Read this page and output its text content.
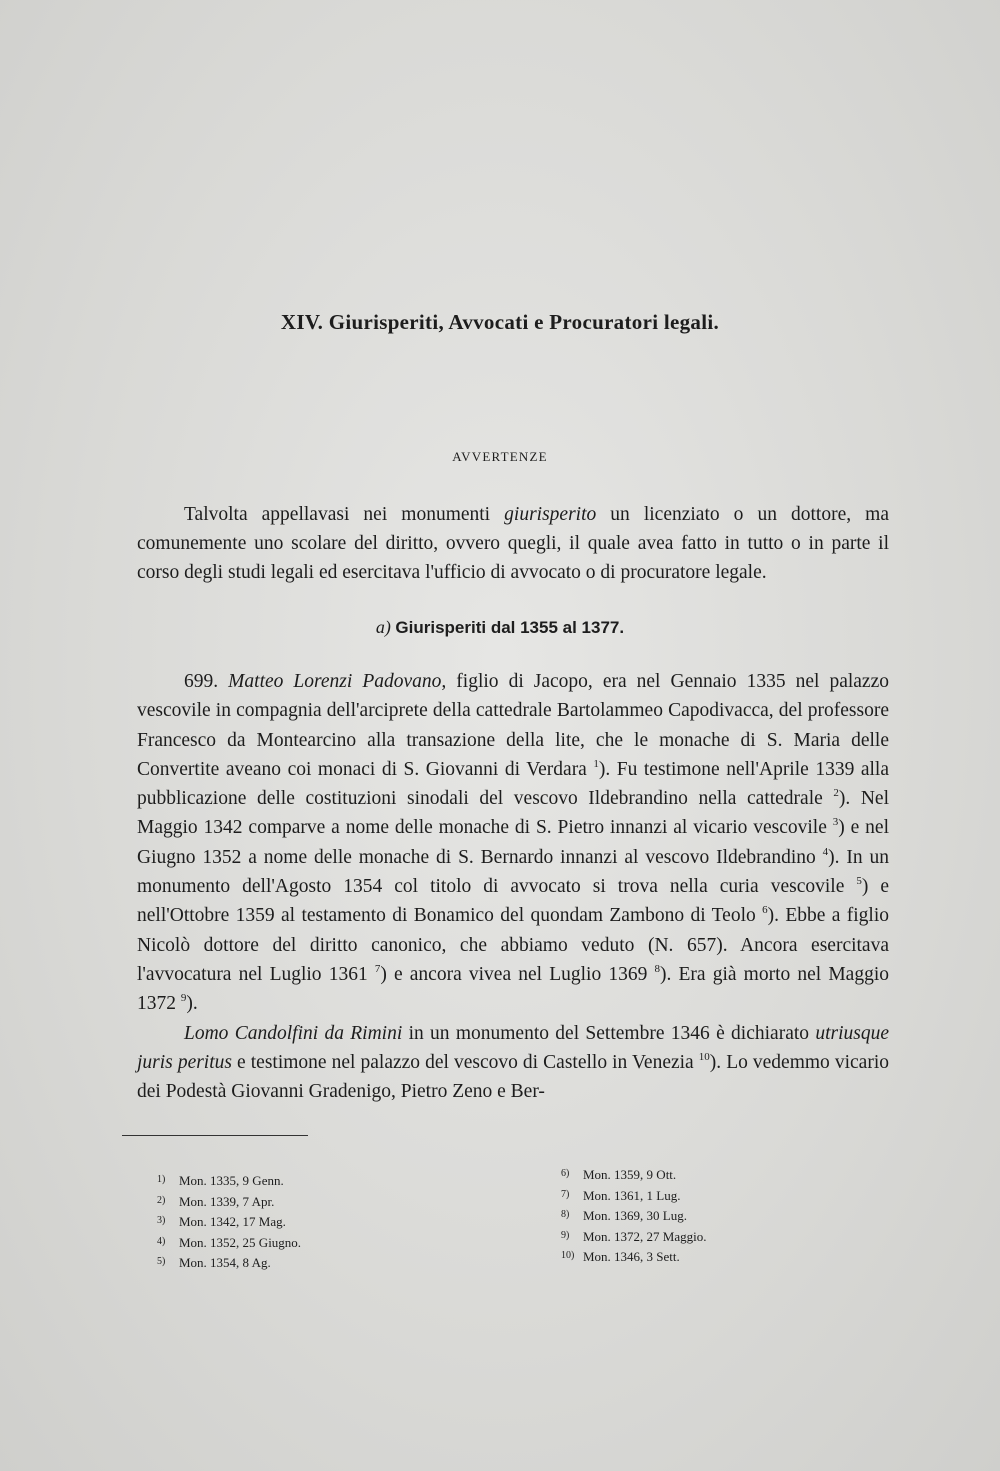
XIV. Giurisperiti, Avvocati e Procuratori legali.
AVVERTENZE

Talvolta appellavasi nei monumenti giurisperito un licenziato o un dottore, ma comunemente uno scolare del diritto, ovvero quegli, il quale avea fatto in tutto o in parte il corso degli studi legali ed esercitava l'ufficio di avvocato o di procuratore legale.

a) Giurisperiti dal 1355 al 1377.

699. Matteo Lorenzi Padovano, figlio di Jacopo, era nel Gennaio 1335 nel palazzo vescovile in compagnia dell'arciprete della cattedrale Bartolammeo Capodivacca, del professore Francesco da Montearcino alla transazione della lite, che le monache di S. Maria delle Convertite aveano coi monaci di S. Giovanni di Verdara $^1$). Fu testimone nell'Aprile 1339 alla pubblicazione delle costituzioni sinodali del vescovo Ildebrandino nella cattedrale $^2$). Nel Maggio 1342 comparve a nome delle monache di S. Pietro innanzi al vicario vescovile $^3$) e nel Giugno 1352 a nome delle monache di S. Bernardo innanzi al vescovo Ildebrandino $^4$). In un monumento dell'Agosto 1354 col titolo di avvocato si trova nella curia vescovile $^5$) e nell'Ottobre 1359 al testamento di Bonamico del quondam Zambono di Teolo $^6$). Ebbe a figlio Nicolò dottore del diritto canonico, che abbiamo veduto (N. 657). Ancora esercitava l'avvocatura nel Luglio 1361 $^7$) e ancora vivea nel Luglio 1369 $^8$). Era già morto nel Maggio 1372 $^9$).

Lomo Candolfini da Rimini in un monumento del Settembre 1346 è dichiarato utriusque juris peritus e testimone nel palazzo del vescovo di Castello in Venezia $^{10}$). Lo vedemmo vicario dei Podestà Giovanni Gradenigo, Pietro Zeno e Ber-

1) Mon. 1335, 9 Genn.
2) Mon. 1339, 7 Apr.
3) Mon. 1342, 17 Mag.
4) Mon. 1352, 25 Giugno.
5) Mon. 1354, 8 Ag.
6) Mon. 1359, 9 Ott.
7) Mon. 1361, 1 Lug.
8) Mon. 1369, 30 Lug.
9) Mon. 1372, 27 Maggio.
10) Mon. 1346, 3 Sett.
